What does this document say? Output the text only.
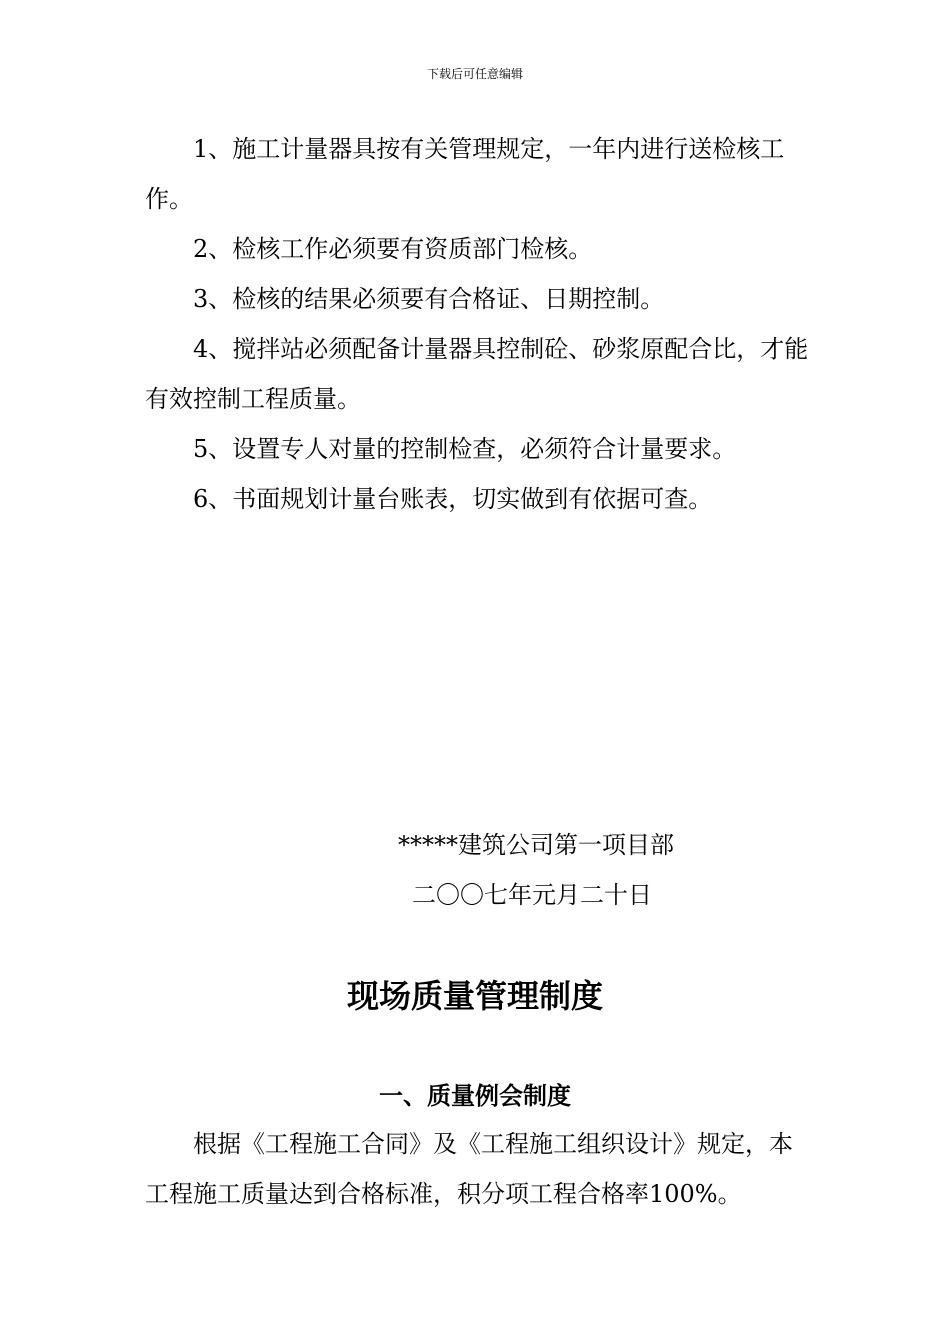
下载后可任意编辑

1、施工计量器具按有关管理规定，一年内进行送检核工作。

2、检核工作必须要有资质部门检核。

3、检核的结果必须要有合格证、日期控制。

4、搅拌站必须配备计量器具控制砼、砂浆原配合比，才能有效控制工程质量。

5、设置专人对量的控制检查，必须符合计量要求。

6、书面规划计量台账表，切实做到有依据可查。

*****建筑公司第一项目部
二〇〇七年元月二十日
现场质量管理制度
一、质量例会制度

根据《工程施工合同》及《工程施工组织设计》规定，本工程施工质量达到合格标准，积分项工程合格率100%。
